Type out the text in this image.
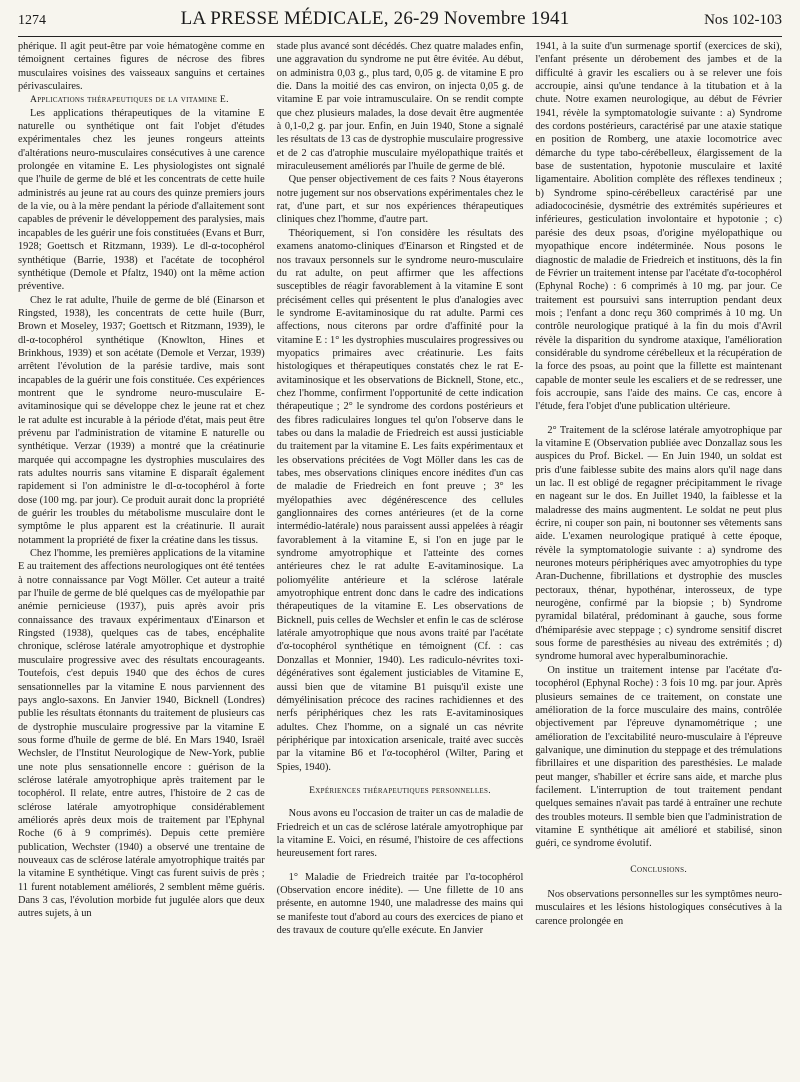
1274	LA PRESSE MÉDICALE, 26-29 Novembre 1941	Nos 102-103

phérique. Il agit peut-être par voie hématogène comme en témoignent certaines figures de nécrose des fibres musculaires voisines des vaisseaux sanguins et certaines périvasculaires.

Applications thérapeutiques de la vitamine E.

Les applications thérapeutiques de la vitamine E naturelle ou synthétique ont fait l'objet d'études expérimentales chez les jeunes rongeurs atteints d'altérations neuro-musculaires consécutives à une carence prolongée en vitamine E. Les physiologistes ont signalé que l'huile de germe de blé et les concentrats de cette huile administrés au jeune rat au cours des quinze premiers jours de la vie, ou à la mère pendant la période d'allaitement sont capables de prévenir le développement des paralysies, mais incapables de les guérir une fois constituées (Evans et Burr, 1928; Goettsch et Ritzmann, 1939). Le dl-α-tocophérol synthétique (Barrie, 1938) et l'acétate de tocophérol synthétique (Demole et Pfaltz, 1940) ont la même action préventive.

Chez le rat adulte, l'huile de germe de blé (Einarson et Ringsted, 1938), les concentrats de cette huile (Burr, Brown et Moseley, 1937; Goettsch et Ritzmann, 1939), le dl-α-tocophérol synthétique (Knowlton, Hines et Brinkhous, 1939) et son acétate (Demole et Verzar, 1939) arrêtent l'évolution de la parésie tardive, mais sont incapables de la guérir une fois constituée. Ces expériences montrent que le syndrome neuro-musculaire E-avitaminosique qui se développe chez le jeune rat et chez le rat adulte est incurable à la période d'état, mais peut être prévenu par l'administration de vitamine E naturelle ou synthétique. Verzar (1939) a montré que la créatinurie marquée qui accompagne les dystrophies musculaires des rats adultes nourris sans vitamine E disparaît également rapidement si l'on administre le dl-α-tocophérol à forte dose (100 mg. par jour). Ce produit aurait donc la propriété de guérir les troubles du métabolisme musculaire dont le symptôme le plus apparent est la créatinurie. Il aurait notamment la propriété de fixer la créatine dans les tissus.

Chez l'homme, les premières applications de la vitamine E au traitement des affections neurologiques ont été tentées à notre connaissance par Vogt Möller. Cet auteur a traité par l'huile de germe de blé quelques cas de myélopathie par anémie pernicieuse (1937), puis après avoir pris connaissance des travaux expérimentaux d'Einarson et Ringsted (1938), quelques cas de tabes, encéphalite chronique, sclérose latérale amyotrophique et dystrophie musculaire progressive avec des résultats encourageants. Toutefois, c'est depuis 1940 que des échos de cures sensationnelles par la vitamine E nous parviennent des pays anglo-saxons. En Janvier 1940, Bicknell (Londres) publie les résultats étonnants du traitement de plusieurs cas de dystrophie musculaire progressive par la vitamine E sous forme d'huile de germe de blé. En Mars 1940, Israël Wechsler, de l'Institut Neurologique de New-York, publie une note plus sensationnelle encore : guérison de la sclérose latérale amyotrophique après traitement par le tocophérol. Il relate, entre autres, l'histoire de 2 cas de sclérose latérale amyotrophique considérablement améliorés après deux mois de traitement par l'Ephynal Roche (6 à 9 comprimés). Depuis cette première publication, Wechster (1940) a observé une trentaine de nouveaux cas de sclérose latérale amyotrophique traités par la vitamine E synthétique. Vingt cas furent suivis de près ; 11 furent notablement améliorés, 2 semblent même guéris. Dans 3 cas, l'évolution morbide fut jugulée alors que deux autres sujets, à un

stade plus avancé sont décédés. Chez quatre malades enfin, une aggravation du syndrome ne put être évitée. Au début, on administra 0,03 g., plus tard, 0,05 g. de vitamine E pro die. Dans la moitié des cas environ, on injecta 0,05 g. de vitamine E par voie intramusculaire. On se rendit compte que chez plusieurs malades, la dose devait être augmentée à 0,1-0,2 g. par jour. Enfin, en Juin 1940, Stone a signalé les résultats de 13 cas de dystrophie musculaire progressive et de 2 cas d'atrophie musculaire myélopathique traités et miraculeusement améliorés par l'huile de germe de blé.

Que penser objectivement de ces faits ? Nous étayerons notre jugement sur nos observations expérimentales chez le rat, d'une part, et sur nos expériences thérapeutiques cliniques chez l'homme, d'autre part.

Théoriquement, si l'on considère les résultats des examens anatomo-cliniques d'Einarson et Ringsted et de nos travaux personnels sur le syndrome neuro-musculaire du rat adulte, on peut affirmer que les affections susceptibles de réagir favorablement à la vitamine E sont précisément celles qui présentent le plus d'analogies avec le syndrome E-avitaminosique du rat adulte. Parmi ces affections, nous citerons par ordre d'affinité pour la vitamine E : 1° les dystrophies musculaires progressives ou myopatics primaires avec créatinurie. Les faits histologiques et thérapeutiques constatés chez le rat E-avitaminosique et les observations de Bicknell, Stone, etc., chez l'homme, confirment l'opportunité de cette indication thérapeutique ; 2° le syndrome des cordons postérieurs et des fibres radiculaires longues tel qu'on l'observe dans le tabes ou dans la maladie de Friedreich est aussi justiciable du traitement par la vitamine E. Les faits expérimentaux et les observations précitées de Vogt Möller dans les cas de tabes, mes observations cliniques encore inédites d'un cas de maladie de Friedreich en font preuve ; 3° les myélopathies avec dégénérescence des cellules ganglionnaires des cornes antérieures (et de la corne intermédio-latérale) nous paraissent aussi appelées à réagir favorablement à la vitamine E, si l'on en juge par le syndrome amyotrophique et l'atteinte des cornes antérieures chez le rat adulte E-avitaminosique. La poliomyélite antérieure et la sclérose latérale amyotrophique entrent donc dans le cadre des indications thérapeutiques de la vitamine E. Les observations de Bicknell, puis celles de Wechsler et enfin le cas de sclérose latérale amyotrophique que nous avons traité par l'acétate d'α-tocophérol synthétique en témoignent (Cf. : cas Donzallas et Monnier, 1940). Les radiculo-névrites toxi-dégénératives sont également justiciables de Vitamine E, aussi bien que de vitamine B1 puisqu'il existe une démyélinisation précoce des racines rachidiennes et des nerfs périphériques chez les rats E-avitaminosiques adultes. Chez l'homme, on a signalé un cas névrite périphérique par intoxication arsenicale, traité avec succès par la vitamine B6 et l'α-tocophérol (Wilter, Paring et Spies, 1940).

Expériences thérapeutiques personnelles.

Nous avons eu l'occasion de traiter un cas de maladie de Friedreich et un cas de sclérose latérale amyotrophique par la vitamine E. Voici, en résumé, l'histoire de ces affections heureusement fort rares.

1° Maladie de Friedreich traitée par l'α-tocophérol (Observation encore inédite). — Une fillette de 10 ans présente, en automne 1940, une maladresse des mains qui se manifeste tout d'abord au cours des exercices de piano et des travaux de couture qu'elle exécute. En Janvier

1941, à la suite d'un surmenage sportif (exercices de ski), l'enfant présente un dérobement des jambes et de la difficulté à gravir les escaliers ou à se relever une fois accroupie, ainsi qu'une tendance à la titubation et à la chute. Notre examen neurologique, au début de Février 1941, révèle la symptomatologie suivante : a) Syndrome des cordons postérieurs, caractérisé par une ataxie statique en position de Romberg, une ataxie locomotrice avec démarche du type tabo-cérébelleux, élargissement de la base de sustentation, hypotonie musculaire et laxité ligamentaire. Abolition complète des réflexes tendineux ; b) Syndrome spino-cérébelleux caractérisé par une adiadococinésie, dysmétrie des extrémités supérieures et inférieures, gesticulation involontaire et hypotonie ; c) parésie des deux psoas, d'origine myélopathique ou myopathique encore indéterminée. Nous posons le diagnostic de maladie de Friedreich et instituons, dès la fin de Février un traitement intense par l'acétate d'α-tocophérol (Ephynal Roche) : 6 comprimés à 10 mg. par jour. Ce traitement est poursuivi sans interruption pendant deux mois ; l'enfant a donc reçu 360 comprimés à 10 mg. Un contrôle neurologique pratiqué à la fin du mois d'Avril révèle la disparition du syndrome ataxique, l'amélioration considérable du syndrome cérébelleux et la récupération de la force des psoas, au point que la fillette est maintenant capable de monter seule les escaliers et de se redresser, une fois accroupie, sans l'aide des mains. Ce cas, encore à l'étude, fera l'objet d'une publication ultérieure.

2° Traitement de la sclérose latérale amyotrophique par la vitamine E (Observation publiée avec Donzallaz sous les auspices du Prof. Bickel. — En Juin 1940, un soldat est pris d'une faiblesse subite des mains alors qu'il nage dans un lac. Il est obligé de regagner précipitamment le rivage en nageant sur le dos. En Juillet 1940, la faiblesse et la maladresse des mains augmentent. Le soldat ne peut plus écrire, ni couper son pain, ni boutonner ses vêtements sans aide. L'examen neurologique pratiqué à cette époque, révèle la symptomatologie suivante : a) syndrome des neurones moteurs périphériques avec amyotrophies du type Aran-Duchenne, fibrillations et dystrophie des muscles pectoraux, thénar, hypothénar, interosseux, de type neurogène, confirmé par la biopsie ; b) Syndrome pyramidal bilatéral, prédominant à gauche, sous forme d'hémiparésie avec steppage ; c) syndrome sensitif discret sous forme de paresthésies au niveau des extrémités ; d) syndrome humoral avec hyperalbuminorachie.

On institue un traitement intense par l'acétate d'α-tocophérol (Ephynal Roche) : 3 fois 10 mg. par jour. Après plusieurs semaines de ce traitement, on constate une amélioration de la force musculaire des mains, contrôlée objectivement par l'épreuve dynamométrique ; une amélioration de l'excitabilité neuro-musculaire à l'épreuve galvanique, une diminution du steppage et des trémulations fibrillaires et une disparition des paresthésies. Le malade peut manger, s'habiller et écrire sans aide, et marche plus facilement. L'interruption de tout traitement pendant quelques semaines n'avait pas tardé à entraîner une rechute des troubles moteurs. Il semble bien que l'administration de vitamine E synthétique ait amélioré et stabilisé, sinon guéri, ce syndrome évolutif.

Conclusions.

Nos observations personnelles sur les symptômes neuro-musculaires et les lésions histologiques consécutives à la carence prolongée en
